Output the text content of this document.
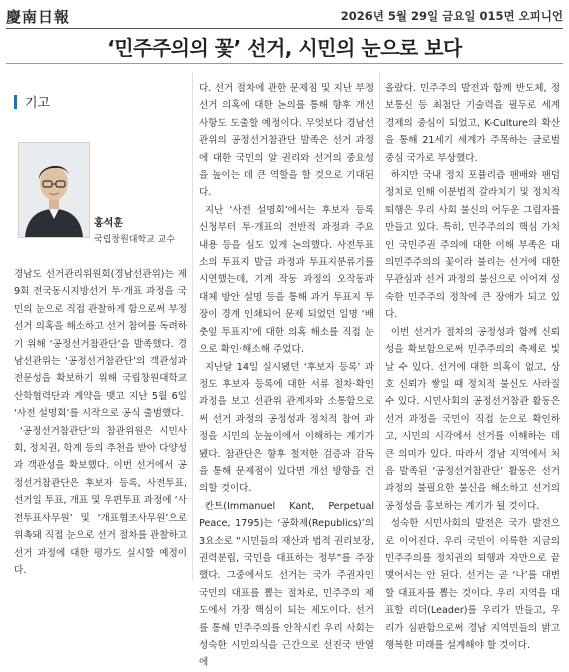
慶南日報	2026년 5월 29일 금요일 015면 오피니언
‘민주주의의 꽃’ 선거, 시민의 눈으로 보다
기고
홍석훈
국립창원대학교 교수

경남도 선거관리위원회(경남선관위)는 제9회 전국동시지방선거 투·개표 과정을 국민의 눈으로 직접 관찰하게 함으로써 부정선거 의혹을 해소하고 선거 참여를 독려하기 위해 ‘공정선거참관단’을 발족했다. 경남선관위는 ‘공정선거참관단’의 객관성과 전문성을 확보하기 위해 국립창원대학교 산학협력단과 계약을 맺고 지난 5월 6일 ‘사전 설명회’를 시작으로 공식 출범했다.

‘공정선거참관단’의 참관위원은 시민사회, 정치권, 학계 등의 추천을 받아 다양성과 객관성을 확보했다. 이번 선거에서 공정선거참관단은 후보자 등록, 사전투표, 선거일 투표, 개표 및 우편투표 과정에 ‘사전투표사무원’ 및 ‘개표협조사무원’으로 위촉돼 직접 눈으로 선거 절차를 관찰하고 선거 과정에 대한 평가도 실시할 예정이다.

다. 선거 절차에 관한 문제점 및 지난 부정선거 의혹에 대한 논의를 통해 향후 개선사항도 도출할 예정이다. 무엇보다 경남선관위의 공정선거참관단 발족은 선거 과정에 대한 국민의 알 권리와 선거의 중요성을 높이는 데 큰 역할을 할 것으로 기대된다.

지난 ‘사전 설명회’에서는 후보자 등록 신청부터 투·개표의 전반적 과정과 주요 내용 등을 심도 있게 논의했다. 사전투표소의 투표지 발급 과정과 투표지분류기를 시연했는데, 기계 작동 과정의 오작동과 대체 방안 설명 등을 통해 과거 투표지 투장이 경계 인쇄되어 문제 되었던 일명 ‘배춧잎 투표지’에 대한 의혹 해소를 직접 눈으로 확인·해소해 주었다.

지난달 14일 실시됐던 ‘후보자 등록’ 과정도 후보자 등록에 대한 서류 절차·확인 과정을 보고 선관위 관계자와 소통함으로써 선거 과정의 공정성과 정치적 참여 과정을 시민의 눈높이에서 이해하는 계기가 됐다. 참관단은 향후 철저한 검증과 감독을 통해 문제점이 있다면 개선 방향을 건의할 것이다.

칸트(Immanuel Kant, Perpetual Peace, 1795)는 ‘공화제(Republics)’의 3요소로 “시민들의 재산과 법적 권리보장, 권력분립, 국민을 대표하는 정부”를 주장했다. 그중에서도 선거는 국가 주권자인 국민의 대표를 뽑는 절차로, 민주주의 제도에서 가장 핵심이 되는 제도이다. 선거를 통해 민주주의를 안착시킨 우리 사회는 성숙한 시민의식을 근간으로 선진국 반열에

올랐다. 민주주의 발전과 함께 반도체, 정보통신 등 최첨단 기술력을 필두로 세계 경제의 중심이 되었고, K-Culture의 확산을 통해 21세기 세계가 주목하는 글로벌 중심 국가로 부상했다.

하지만 국내 정치 포퓰리즘 팬배와 팬덤 정치로 인해 이분법적 갈라치기 및 정치적 퇴행은 우리 사회 불신의 어두운 그림자를 만들고 있다. 특히, 민주주의의 핵심 가치인 국민주권 주의에 대한 이해 부족은 대의민주주의의 꽃이라 불리는 선거에 대한 무관심과 선거 과정의 불신으로 이어져 성숙한 민주주의 정착에 큰 장애가 되고 있다.

이번 선거가 절차의 공정성과 함께 신뢰성을 확보함으로써 민주주의의 축제로 빛날 수 있다. 선거에 대한 의혹이 없고, 상호 신뢰가 쌓일 때 정치적 불신도 사라질 수 있다. 시민사회의 공정선거참관 활동은 선거 과정을 국민이 직접 눈으로 확인하고, 시민의 시각에서 선거를 이해하는 데 큰 의미가 있다. 따라서 경남 지역에서 처음 발족된 ‘공정선거참관단’ 활동은 선거 과정의 불필요한 불신을 해소하고 선거의 공정성을 홍보하는 계기가 될 것이다.

성숙한 시민사회의 발전은 국가 발전으로 이어진다. 우리 국민이 이룩한 지금의 민주주의를 정치권의 퇴행과 자만으로 끝맺어서는 안 된다. 선거는 곧 ‘나’를 대변할 대표자를 뽑는 것이다. 우리 지역을 대표할 리더(Leader)를 우리가 만들고, 우리가 심판함으로써 경남 지역민들의 밝고 행복한 미래를 설계해야 할 것이다.
